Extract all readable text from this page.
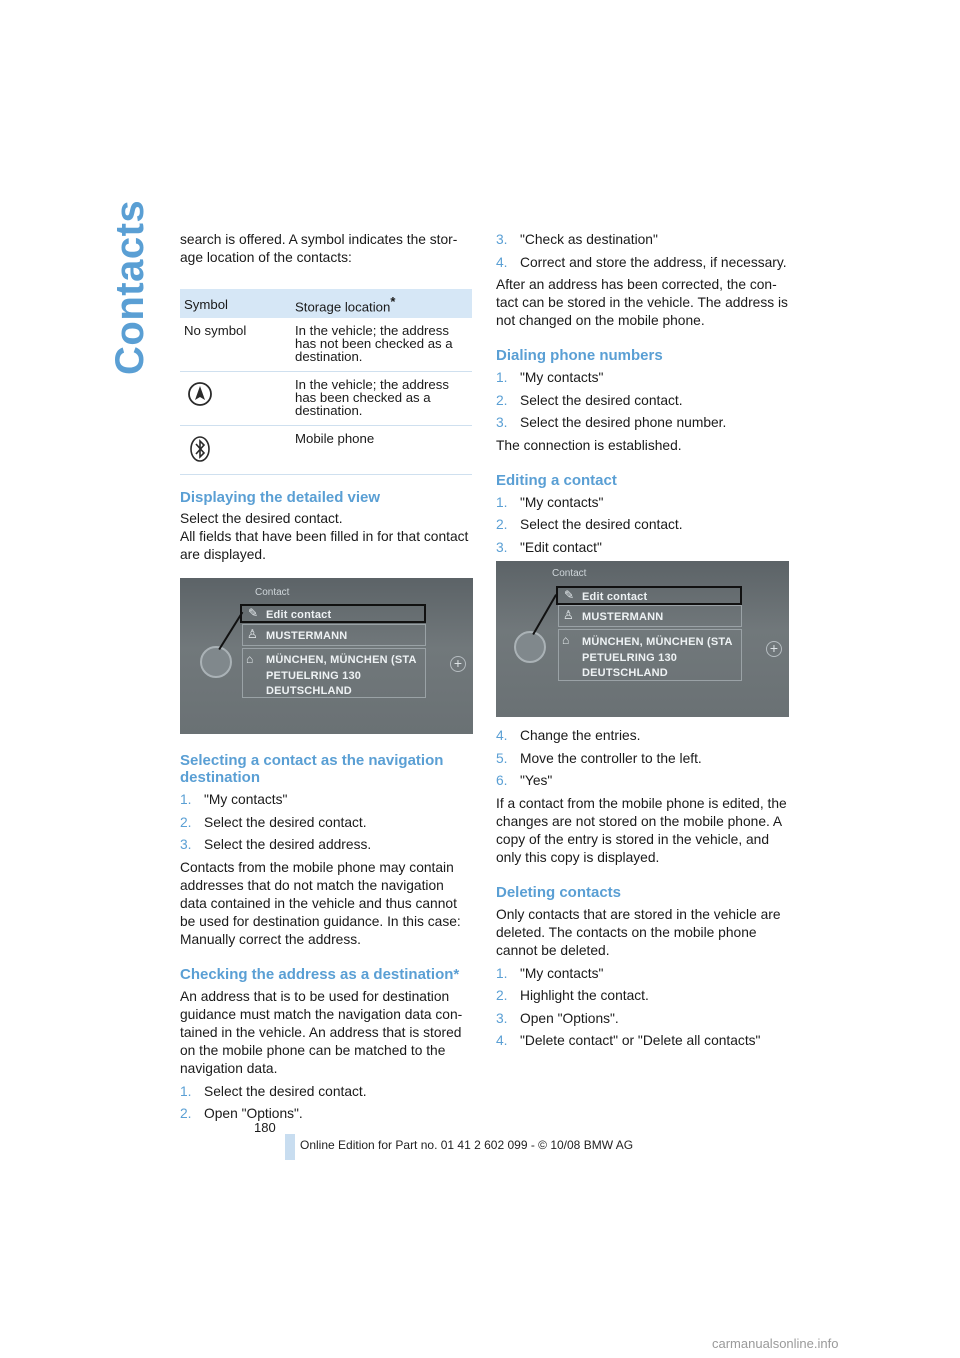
Contacts search is offered. A symbol indicates the stor-age location of the contacts:

Symbol	Storage location*
No symbol	In the vehicle; the address has not been checked as a destination.
	In the vehicle; the address has been checked as a destination.
	Mobile phone
Displaying the detailed view

Select the desired contact.

All fields that have been filled in for that contact are displayed.

Contact
Edit contact
✎
♙ MUSTERMANN
⌂ MÜNCHEN, MÜNCHEN (STA
PETUELRING 130
DEUTSCHLAND
+
Selecting a contact as the navigation destination
1. "My contacts"
2. Select the desired contact.
3. Select the desired address.

Contacts from the mobile phone may contain addresses that do not match the navigation data contained in the vehicle and thus cannot be used for destination guidance. In this case: Manually correct the address.

Checking the address as a destination*

An address that is to be used for destination guidance must match the navigation data con-tained in the vehicle. An address that is stored on the mobile phone can be matched to the navigation data.

1. Select the desired contact.
2. Open "Options".
3. "Check as destination"
4. Correct and store the address, if necessary.

After an address has been corrected, the con-tact can be stored in the vehicle. The address is not changed on the mobile phone.

Dialing phone numbers
1. "My contacts"
2. Select the desired contact.
3. Select the desired phone number.

The connection is established.

Editing a contact
1. "My contacts"
2. Select the desired contact.
3. "Edit contact"
Contact
✎ Edit contact
♙ MUSTERMANN
⌂ MÜNCHEN, MÜNCHEN (STA
PETUELRING 130
DEUTSCHLAND
+
4. Change the entries.
5. Move the controller to the left.
6. "Yes"

If a contact from the mobile phone is edited, the changes are not stored on the mobile phone. A copy of the entry is stored in the vehicle, and only this copy is displayed.

Deleting contacts

Only contacts that are stored in the vehicle are deleted. The contacts on the mobile phone cannot be deleted.

1. "My contacts"
2. Highlight the contact.
3. Open "Options".
4. "Delete contact" or "Delete all contacts"
180
Online Edition for Part no. 01 41 2 602 099 - © 10/08 BMW AG
carmanualsonline.info
